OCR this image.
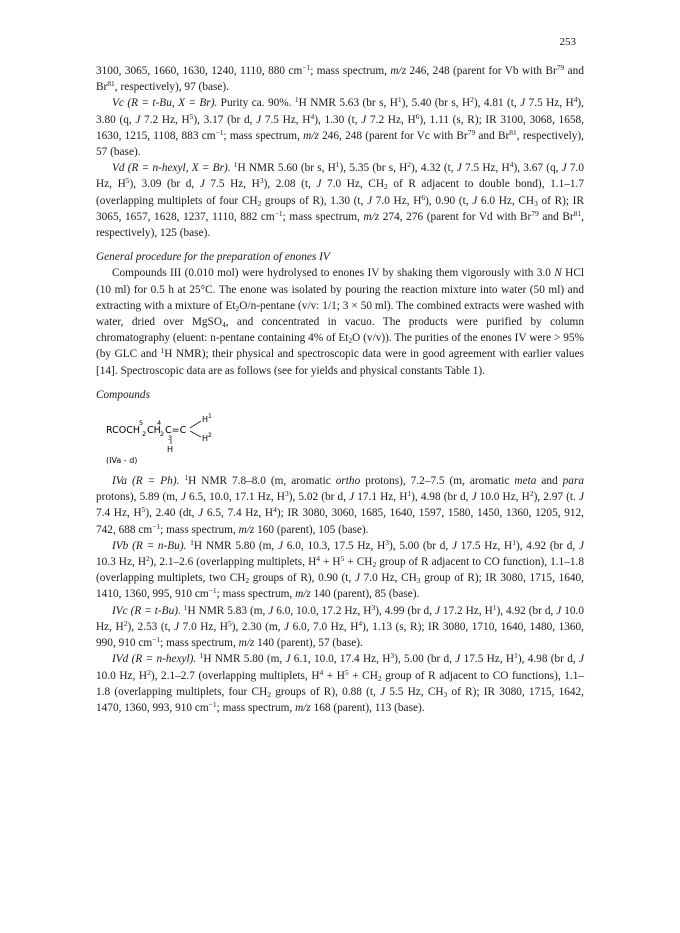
253

3100, 3065, 1660, 1630, 1240, 1110, 880 $cm^{-1}$; mass spectrum, m/z 246, 248 (parent for Vb with Br$^{79}$ and Br$^{81}$, respectively), 97 (base).

Vc (R = t-Bu, X = Br). Purity ca. 90%. $^1$H NMR 5.63 (br s, $H^1$), 5.40 (br s, $H^2$), 4.81 (t, J 7.5 Hz, $H^4$), 3.80 (q, J 7.2 Hz, $H^5$), 3.17 (br d, J 7.5 Hz, $H^4$), 1.30 (t, J 7.2 Hz, $H^6$), 1.11 (s, R); IR 3100, 3068, 1658, 1630, 1215, 1108, 883 $cm^{-1}$; mass spectrum, m/z 246, 248 (parent for Vc with Br$^{79}$ and Br$^{81}$, respectively), 57 (base).

Vd (R = n-hexyl, X = Br). $^1$H NMR 5.60 (br s, $H^1$), 5.35 (br s, $H^2$), 4.32 (t, J 7.5 Hz, $H^4$), 3.67 (q, J 7.0 Hz, $H^5$), 3.09 (br d, J 7.5 Hz, $H^3$), 2.08 (t, J 7.0 Hz, $CH_2$ of R adjacent to double bond), 1.1–1.7 (overlapping multiplets of four $CH_2$ groups of R), 1.30 (t, J 7.0 Hz, $H^6$), 0.90 (t, J 6.0 Hz, $CH_3$ of R); IR 3065, 1657, 1628, 1237, 1110, 882 $cm^{-1}$; mass spectrum, m/z 274, 276 (parent for Vd with Br$^{79}$ and Br$^{81}$, respectively), 125 (base).

General procedure for the preparation of enones IV

Compounds III (0.010 mol) were hydrolysed to enones IV by shaking them vigorously with 3.0 N HCl (10 ml) for 0.5 h at 25°C. The enone was isolated by pouring the reaction mixture into water (50 ml) and extracting with a mixture of $Et_2O/n$-pentane (v/v: 1/1; 3 × 50 ml). The combined extracts were washed with water, dried over MgSO$_4$, and concentrated in vacuo. The products were purified by column chromatography (eluent: n-pentane containing 4% of $Et_2O$ (v/v)). The purities of the enones IV were > 95% (by GLC and $^1$H NMR); their physical and spectroscopic data were in good agreement with earlier values [14]. Spectroscopic data are as follows (see for yields and physical constants Table 1).

Compounds

RCOCH 2 CH 2 C=C
5 4
3
H
H 1
H 2
(IVa - d)

IVa (R = Ph). $^1$H NMR 7.8–8.0 (m, aromatic ortho protons), 7.2–7.5 (m, aromatic meta and para protons), 5.89 (m, J 6.5, 10.0, 17.1 Hz, $H^3$), 5.02 (br d, J 17.1 Hz, $H^1$), 4.98 (br d, J 10.0 Hz, $H^2$), 2.97 (t. J 7.4 Hz, $H^5$), 2.40 (dt, J 6.5, 7.4 Hz, $H^4$); IR 3080, 3060, 1685, 1640, 1597, 1580, 1450, 1360, 1205, 912, 742, 688 $cm^{-1}$; mass spectrum, m/z 160 (parent), 105 (base).

IVb (R = n-Bu). $^1$H NMR 5.80 (m, J 6.0, 10.3, 17.5 Hz, $H^3$), 5.00 (br d, J 17.5 Hz, $H^1$), 4.92 (br d, J 10.3 Hz, $H^2$), 2.1–2.6 (overlapping multiplets, $H^4 + H^5 + CH_2$ group of R adjacent to CO function), 1.1–1.8 (overlapping multiplets, two $CH_2$ groups of R), 0.90 (t, J 7.0 Hz, $CH_3$ group of R); IR 3080, 1715, 1640, 1410, 1360, 995, 910 $cm^{-1}$; mass spectrum, m/z 140 (parent), 85 (base).

IVc (R = t-Bu). $^1$H NMR 5.83 (m, J 6.0, 10.0, 17.2 Hz, $H^3$), 4.99 (br d, J 17.2 Hz, $H^1$), 4.92 (br d, J 10.0 Hz, $H^2$), 2.53 (t, J 7.0 Hz, $H^5$), 2.30 (m, J 6.0, 7.0 Hz, $H^4$), 1.13 (s, R); IR 3080, 1710, 1640, 1480, 1360, 990, 910 $cm^{-1}$; mass spectrum, m/z 140 (parent), 57 (base).

IVd (R = n-hexyl). $^1$H NMR 5.80 (m, J 6.1, 10.0, 17.4 Hz, $H^3$), 5.00 (br d, J 17.5 Hz, $H^1$), 4.98 (br d, J 10.0 Hz, $H^2$), 2.1–2.7 (overlapping multiplets, $H^4 + H^5 + CH_2$ group of R adjacent to CO functions), 1.1–1.8 (overlapping multiplets, four $CH_2$ groups of R), 0.88 (t, J 5.5 Hz, $CH_3$ of R); IR 3080, 1715, 1642, 1470, 1360, 993, 910 $cm^{-1}$; mass spectrum, m/z 168 (parent), 113 (base).
